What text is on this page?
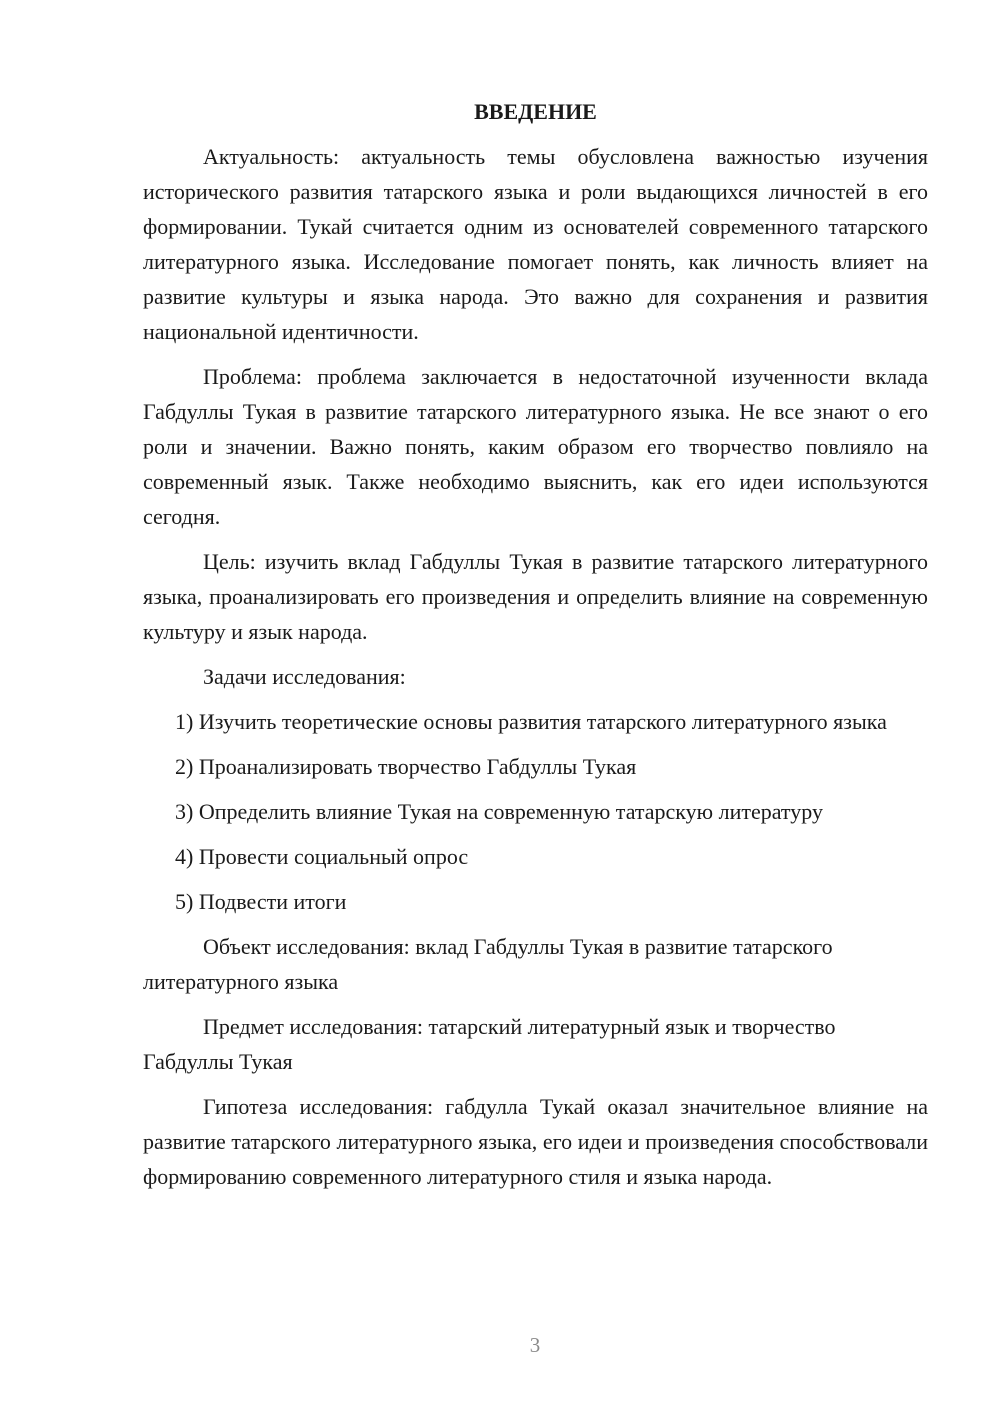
ВВЕДЕНИЕ

Актуальность: актуальность темы обусловлена важностью изучения исторического развития татарского языка и роли выдающихся личностей в его формировании. Тукай считается одним из основателей современного татарского литературного языка. Исследование помогает понять, как личность влияет на развитие культуры и языка народа. Это важно для сохранения и развития национальной идентичности.

Проблема: проблема заключается в недостаточной изученности вклада Габдуллы Тукая в развитие татарского литературного языка. Не все знают о его роли и значении. Важно понять, каким образом его творчество повлияло на современный язык. Также необходимо выяснить, как его идеи используются сегодня.

Цель: изучить вклад Габдуллы Тукая в развитие татарского литературного языка, проанализировать его произведения и определить влияние на современную культуру и язык народа.

Задачи исследования:

1) Изучить теоретические основы развития татарского литературного языка

2) Проанализировать творчество Габдуллы Тукая

3) Определить влияние Тукая на современную татарскую литературу

4) Провести социальный опрос

5) Подвести итоги

Объект исследования: вклад Габдуллы Тукая в развитие татарского литературного языка

Предмет исследования: татарский литературный язык и творчество Габдуллы Тукая

Гипотеза исследования: габдулла Тукай оказал значительное влияние на развитие татарского литературного языка, его идеи и произведения способствовали формированию современного литературного стиля и языка народа.

3
